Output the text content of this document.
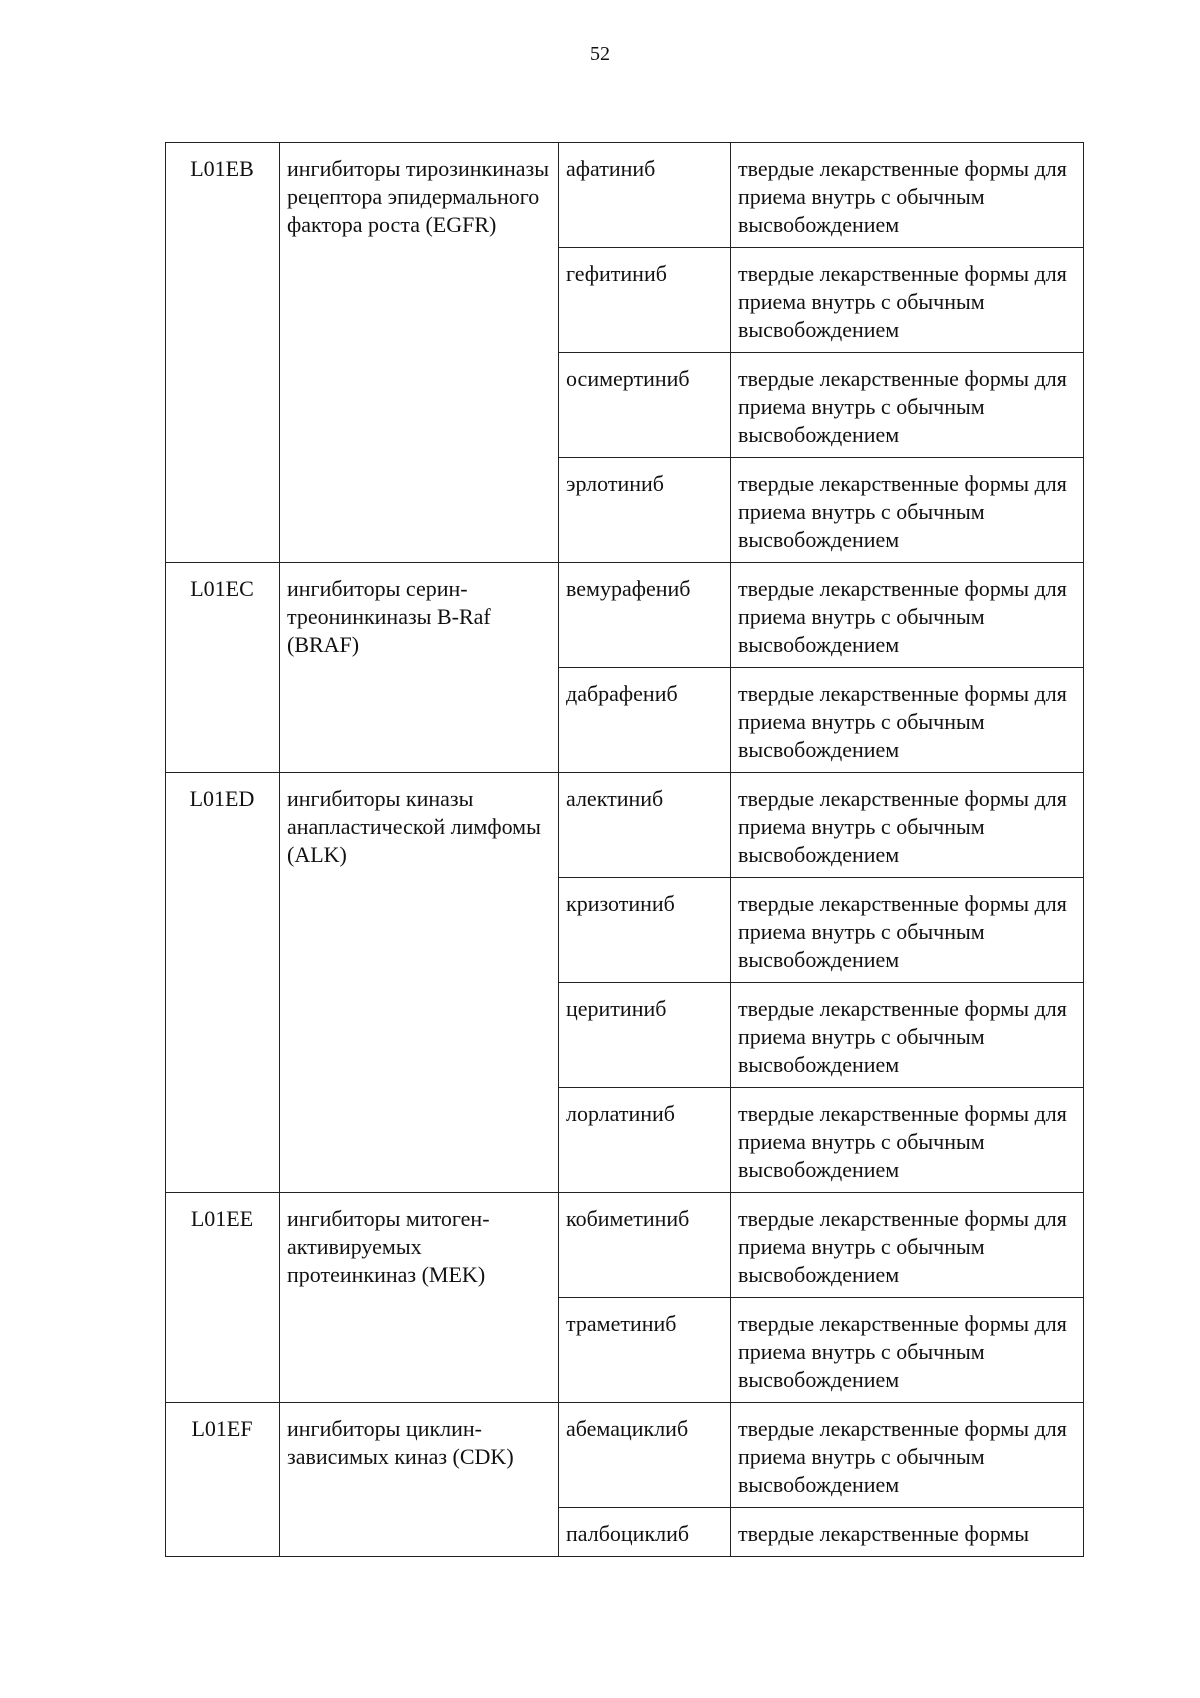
52
L01EB	ингибиторы тирозинкиназы рецептора эпидермального фактора роста (EGFR)	афатиниб	твердые лекарственные формы для приема внутрь с обычным высвобождением
		гефитиниб	твердые лекарственные формы для приема внутрь с обычным высвобождением
		осимертиниб	твердые лекарственные формы для приема внутрь с обычным высвобождением
		эрлотиниб	твердые лекарственные формы для приема внутрь с обычным высвобождением
L01EC	ингибиторы серин-треонинкиназы B-Raf (BRAF)	вемурафениб	твердые лекарственные формы для приема внутрь с обычным высвобождением
		дабрафениб	твердые лекарственные формы для приема внутрь с обычным высвобождением
L01ED	ингибиторы киназы анапластической лимфомы (ALK)	алектиниб	твердые лекарственные формы для приема внутрь с обычным высвобождением
		кризотиниб	твердые лекарственные формы для приема внутрь с обычным высвобождением
		церитиниб	твердые лекарственные формы для приема внутрь с обычным высвобождением
		лорлатиниб	твердые лекарственные формы для приема внутрь с обычным высвобождением
L01EE	ингибиторы митоген-активируемых протеинкиназ (MEK)	кобиметиниб	твердые лекарственные формы для приема внутрь с обычным высвобождением
		траметиниб	твердые лекарственные формы для приема внутрь с обычным высвобождением
L01EF	ингибиторы циклин-зависимых киназ (CDK)	абемациклиб	твердые лекарственные формы для приема внутрь с обычным высвобождением
		палбоциклиб	твердые лекарственные формы
